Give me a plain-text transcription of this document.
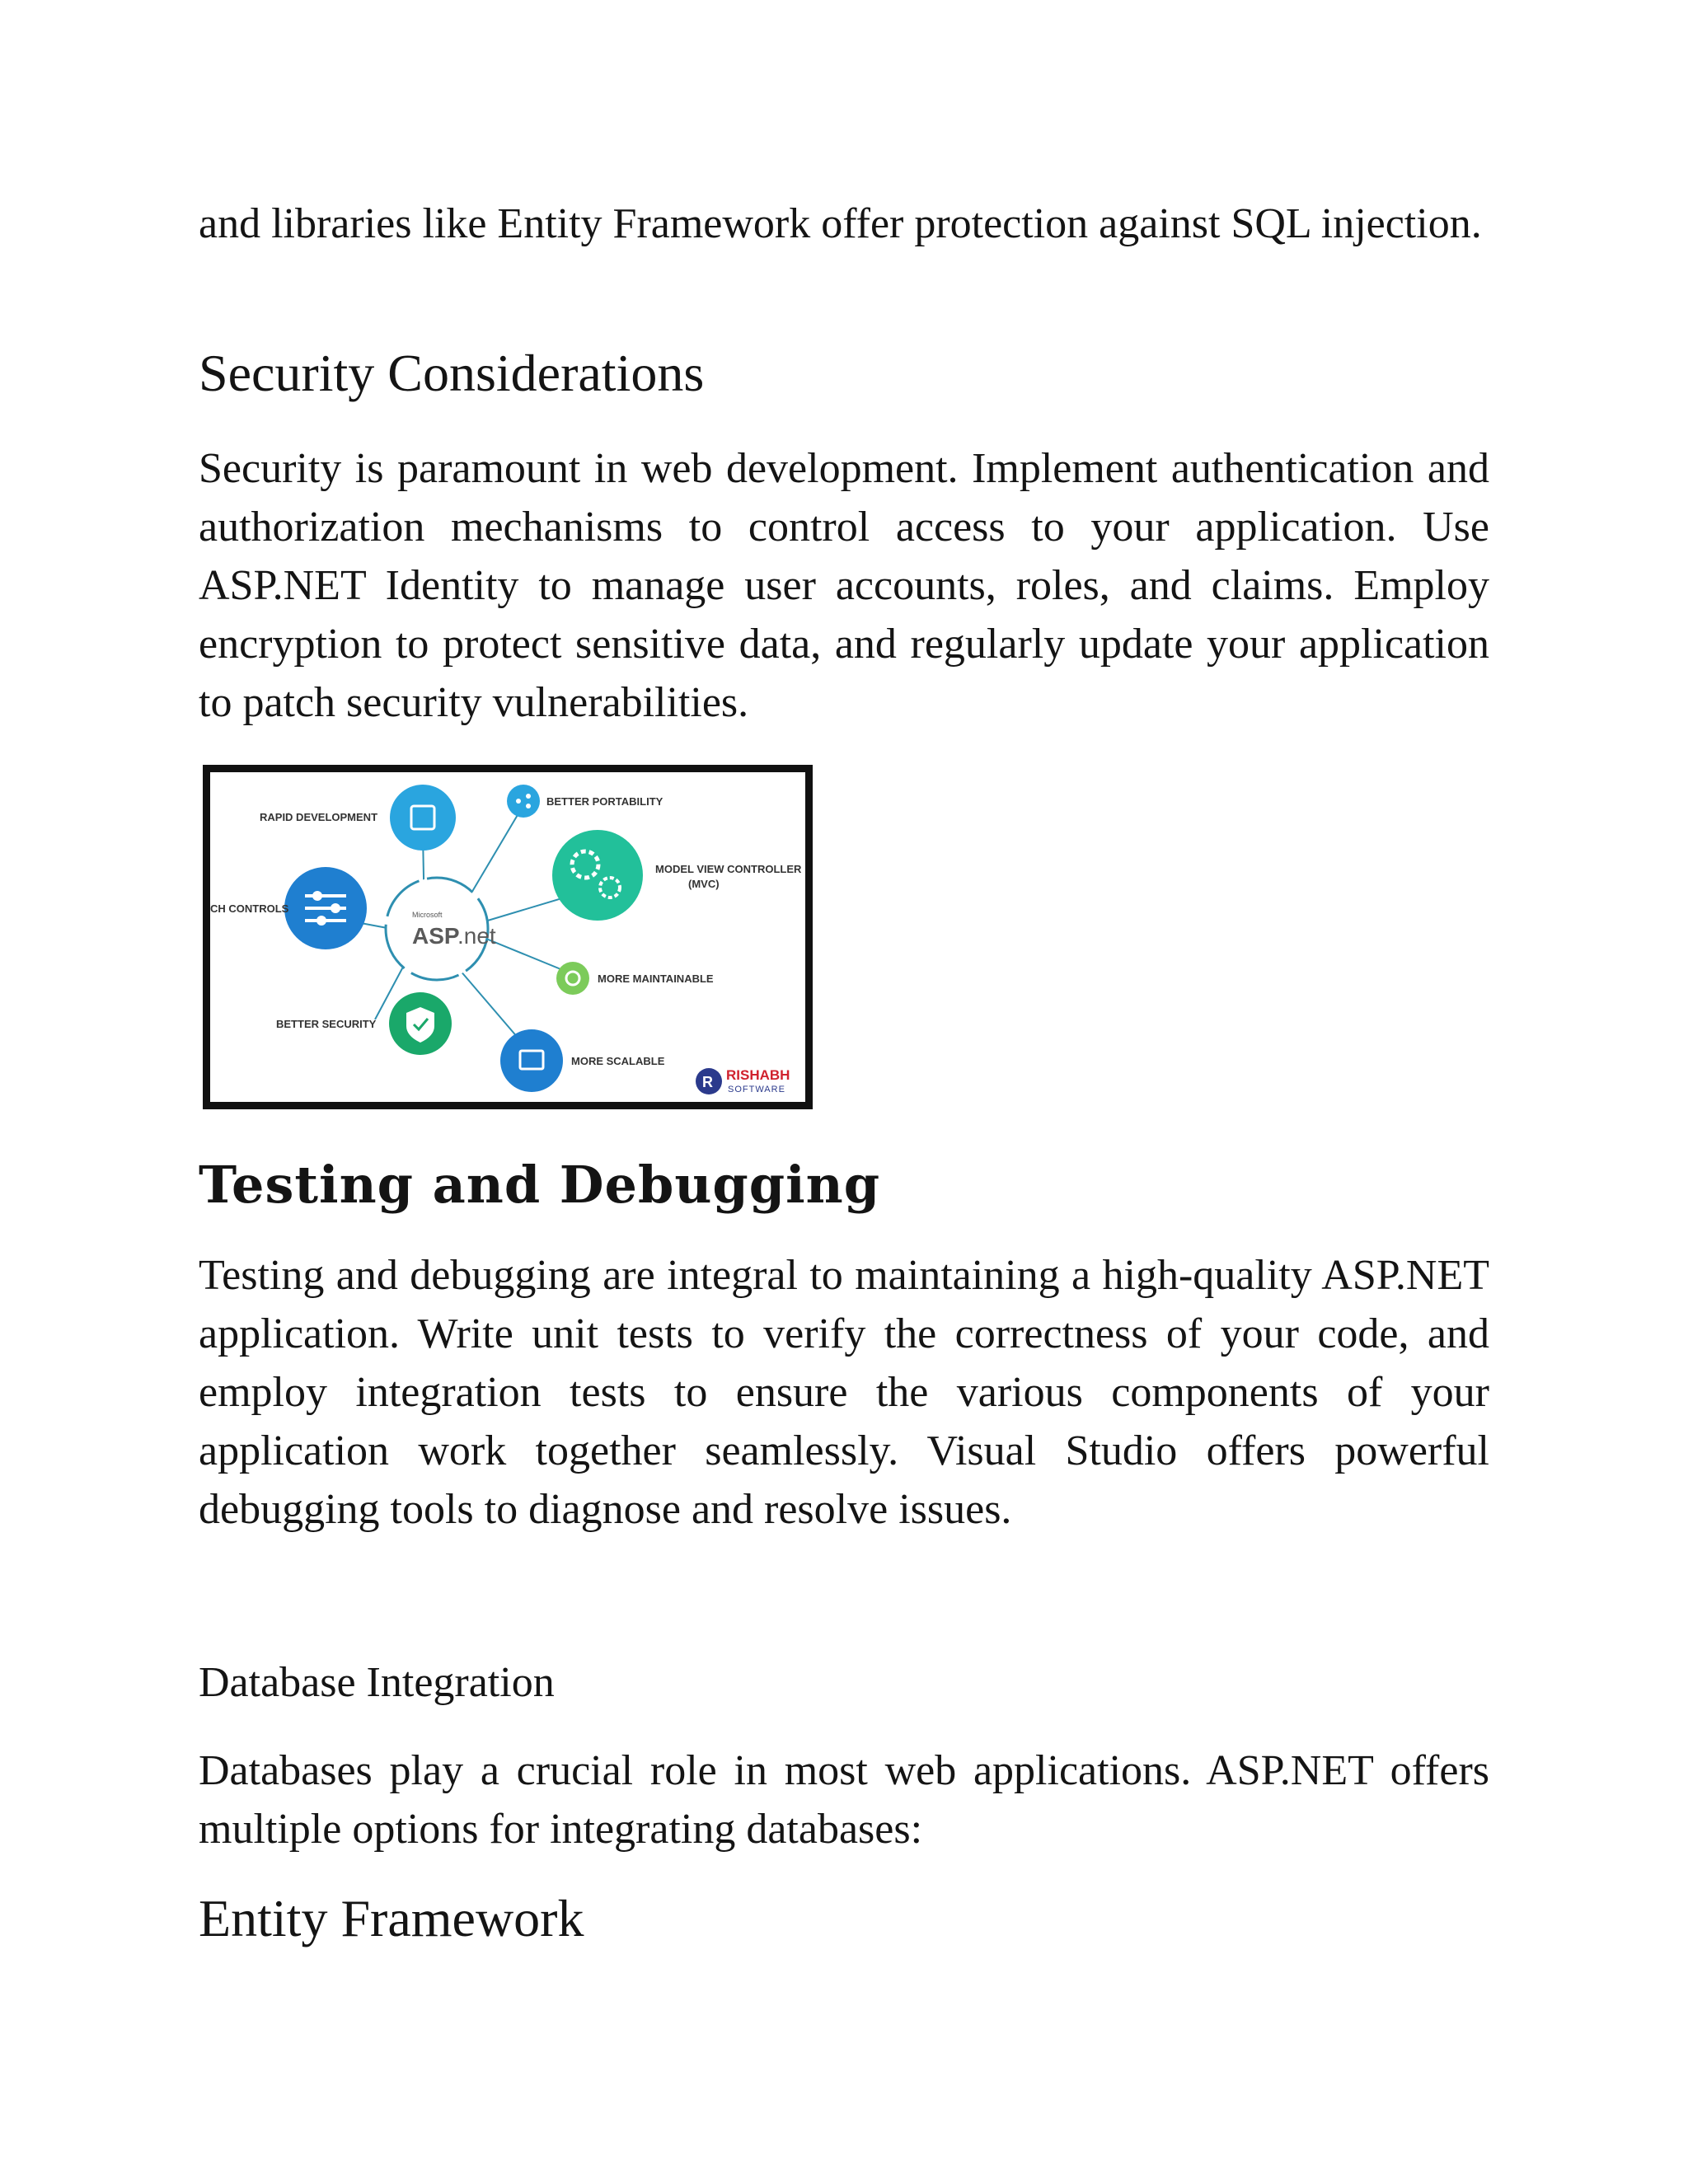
and libraries like Entity Framework offer protection against SQL injection.

Security Considerations

Security is paramount in web development. Implement authentication and authorization mechanisms to control access to your application. Use ASP.NET Identity to manage user accounts, roles, and claims. Employ encryption to protect sensitive data, and regularly update your application to patch security vulnerabilities.

Microsoft
ASP
.net
RAPID DEVELOPMENT
BETTER PORTABILITY
MODEL VIEW CONTROLLER
(MVC)
CH CONTROLS
MORE MAINTAINABLE
BETTER SECURITY
MORE SCALABLE
R RISHABH
SOFTWARE
Testing and Debugging

Testing and debugging are integral to maintaining a high-quality ASP.NET application. Write unit tests to verify the correctness of your code, and employ integration tests to ensure the various components of your application work together seamlessly. Visual Studio offers powerful debugging tools to diagnose and resolve issues.

Database Integration

Databases play a crucial role in most web applications. ASP.NET offers multiple options for integrating databases:

Entity Framework
